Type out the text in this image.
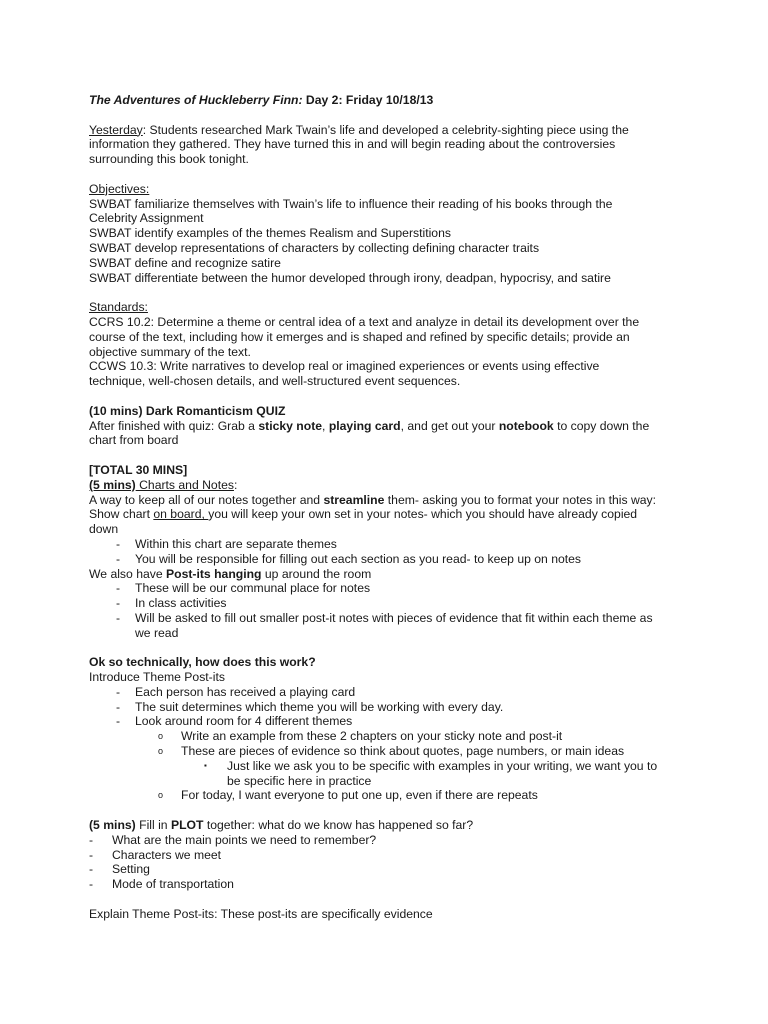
The Adventures of Huckleberry Finn: Day 2: Friday 10/18/13
Yesterday: Students researched Mark Twain’s life and developed a celebrity-sighting piece using the
information they gathered. They have turned this in and will begin reading about the controversies
surrounding this book tonight.
Objectives:
SWBAT familiarize themselves with Twain’s life to influence their reading of his books through the
Celebrity Assignment
SWBAT identify examples of the themes Realism and Superstitions
SWBAT develop representations of characters by collecting defining character traits
SWBAT define and recognize satire
SWBAT differentiate between the humor developed through irony, deadpan, hypocrisy, and satire
Standards:
CCRS 10.2: Determine a theme or central idea of a text and analyze in detail its development over the
course of the text, including how it emerges and is shaped and refined by specific details; provide an
objective summary of the text.
CCWS 10.3: Write narratives to develop real or imagined experiences or events using effective
technique, well-chosen details, and well-structured event sequences.
(10 mins) Dark Romanticism QUIZ
After finished with quiz: Grab a sticky note, playing card, and get out your notebook to copy down the
chart from board
[TOTAL 30 MINS]
(5 mins) Charts and Notes:
A way to keep all of our notes together and streamline them- asking you to format your notes in this way:
Show chart on board, you will keep your own set in your notes- which you should have already copied
down
- Within this chart are separate themes
- You will be responsible for filling out each section as you read- to keep up on notes
We also have Post-its hanging up around the room
- These will be our communal place for notes
- In class activities
- Will be asked to fill out smaller post-it notes with pieces of evidence that fit within each theme as
we read
Ok so technically, how does this work?
Introduce Theme Post-its
- Each person has received a playing card
- The suit determines which theme you will be working with every day.
- Look around room for 4 different themes
o Write an example from these 2 chapters on your sticky note and post-it
o These are pieces of evidence so think about quotes, page numbers, or main ideas
▪ Just like we ask you to be specific with examples in your writing, we want you to
be specific here in practice
o For today, I want everyone to put one up, even if there are repeats
(5 mins) Fill in PLOT together: what do we know has happened so far?
- What are the main points we need to remember?
- Characters we meet
- Setting
- Mode of transportation
Explain Theme Post-its: These post-its are specifically evidence
